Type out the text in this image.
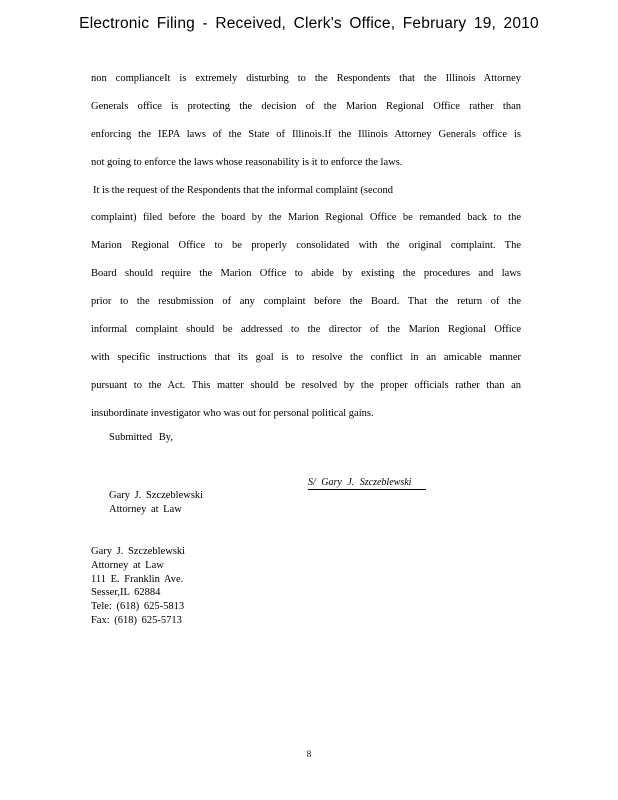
Electronic Filing - Received, Clerk's Office, February 19, 2010
non complianceIt is extremely disturbing to the Respondents that the Illinois Attorney
Generals office is protecting the decision of the Marion Regional Office rather than
enforcing the IEPA laws of the State of Illinois.If the Illinois Attorney Generals office is
not going to enforce the laws whose reasonability is it to enforce the laws.
It is the request of the Respondents that the informal complaint (second
complaint) filed before the board by the Marion Regional Office be remanded back to the
Marion Regional Office to be properly consolidated with the original complaint. The
Board should require the Marion Office to abide by existing the procedures and laws
prior to the resubmission of any complaint before the Board. That the return of the
informal complaint should be addressed to the director of the Marion Regional Office
with specific instructions that its goal is to resolve the conflict in an amicable manner
pursuant to the Act. This matter should be resolved by the proper officials rather than an
insubordinate investigator who was out for personal political gains.
Submitted By,
S/ Gary J. Szczeblewski
Gary J. Szczeblewski
Attorney at Law
Gary J. Szczeblewski
Attorney at Law
111 E. Franklin Ave.
Sesser,IL 62884
Tele: (618) 625-5813
Fax: (618) 625-5713
8
